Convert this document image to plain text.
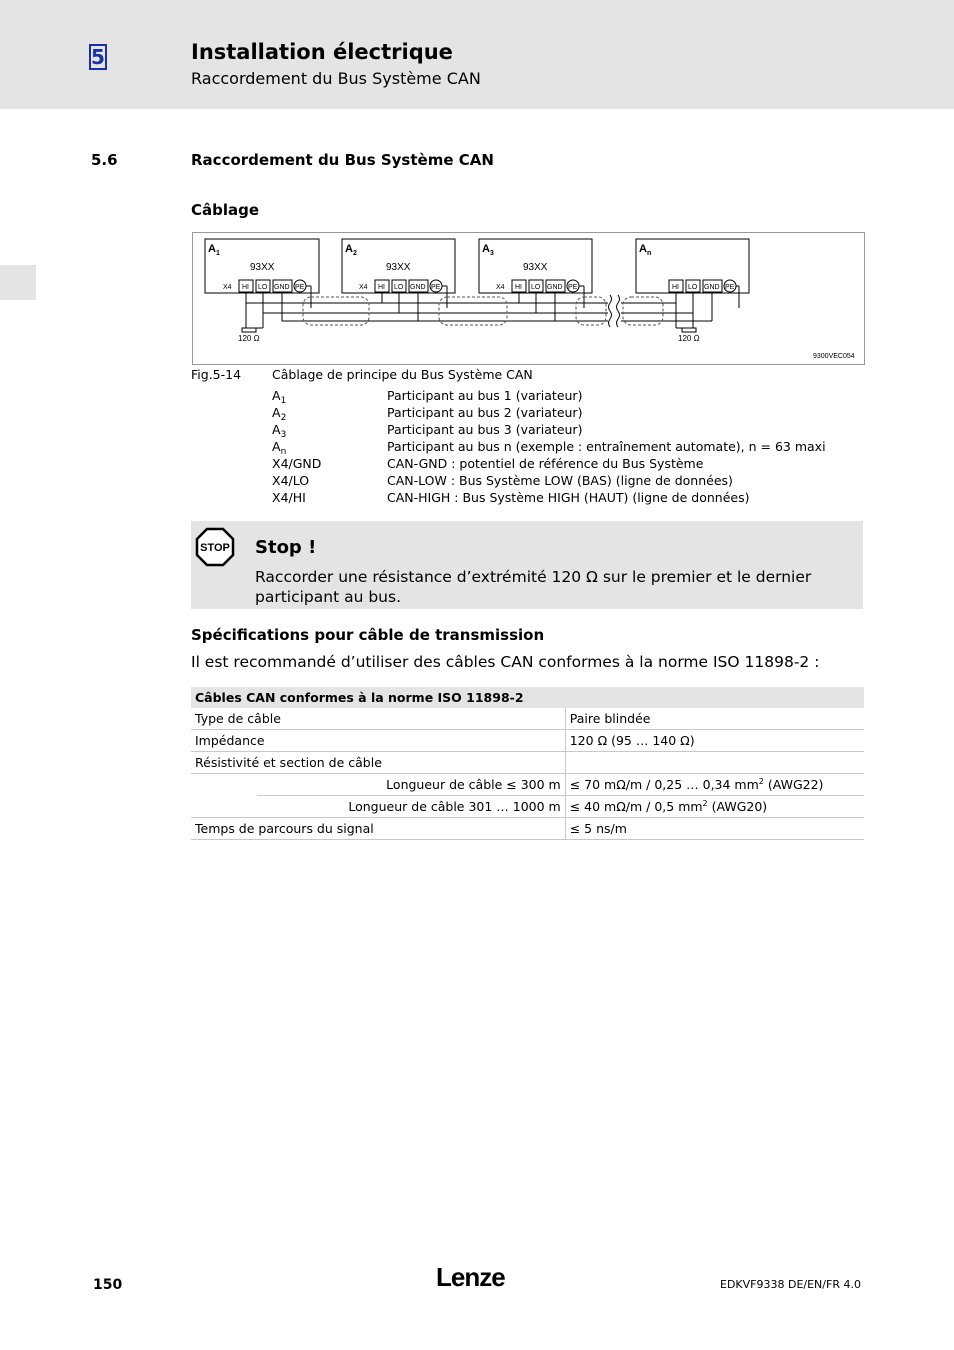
5	Installation électrique
Raccordement du Bus Système CAN
5.6	Raccordement du Bus Système CAN
Câblage
$A_1$
93XX
$A_2$
93XX
$A_3$
93XX
$A_n$
X4 HI LO GND PE	X4 HI LO GND PE	X4 HI LO GND PE	HI LO GND PE
120 Ω	120 Ω
9300VEC054
Fig.5-14 Câblage de principe du Bus Système CAN
$A_1$	Participant au bus 1 (variateur)
$A_2$	Participant au bus 2 (variateur)
$A_3$	Participant au bus 3 (variateur)
$A_n$	Participant au bus n (exemple : entraînement automate), n = 63 maxi
X4/GND	CAN-GND : potentiel de référence du Bus Système
X4/LO	CAN-LOW : Bus Système LOW (BAS) (ligne de données)
X4/HI	CAN-HIGH : Bus Système HIGH (HAUT) (ligne de données)
STOP Stop !
Raccorder une résistance d’extrémité 120 Ω sur le premier et le dernier participant au bus.
Spécifications pour câble de transmission
Il est recommandé d’utiliser des câbles CAN conformes à la norme ISO 11898-2 :
Câbles CAN conformes à la norme ISO 11898-2		
Type de câble		Paire blindée
Impédance		120 Ω (95 … 140 Ω)
Résistivité et section de câble		
	Longueur de câble ≤ 300 m	≤ 70 mΩ/m / 0,25 … 0,34 $mm^2$ (AWG22)
	Longueur de câble 301 … 1000 m	≤ 40 mΩ/m / 0,5 $mm^2$ (AWG20)
Temps de parcours du signal		≤ 5 ns/m
150	Lenze	EDKVF9338 DE/EN/FR 4.0
